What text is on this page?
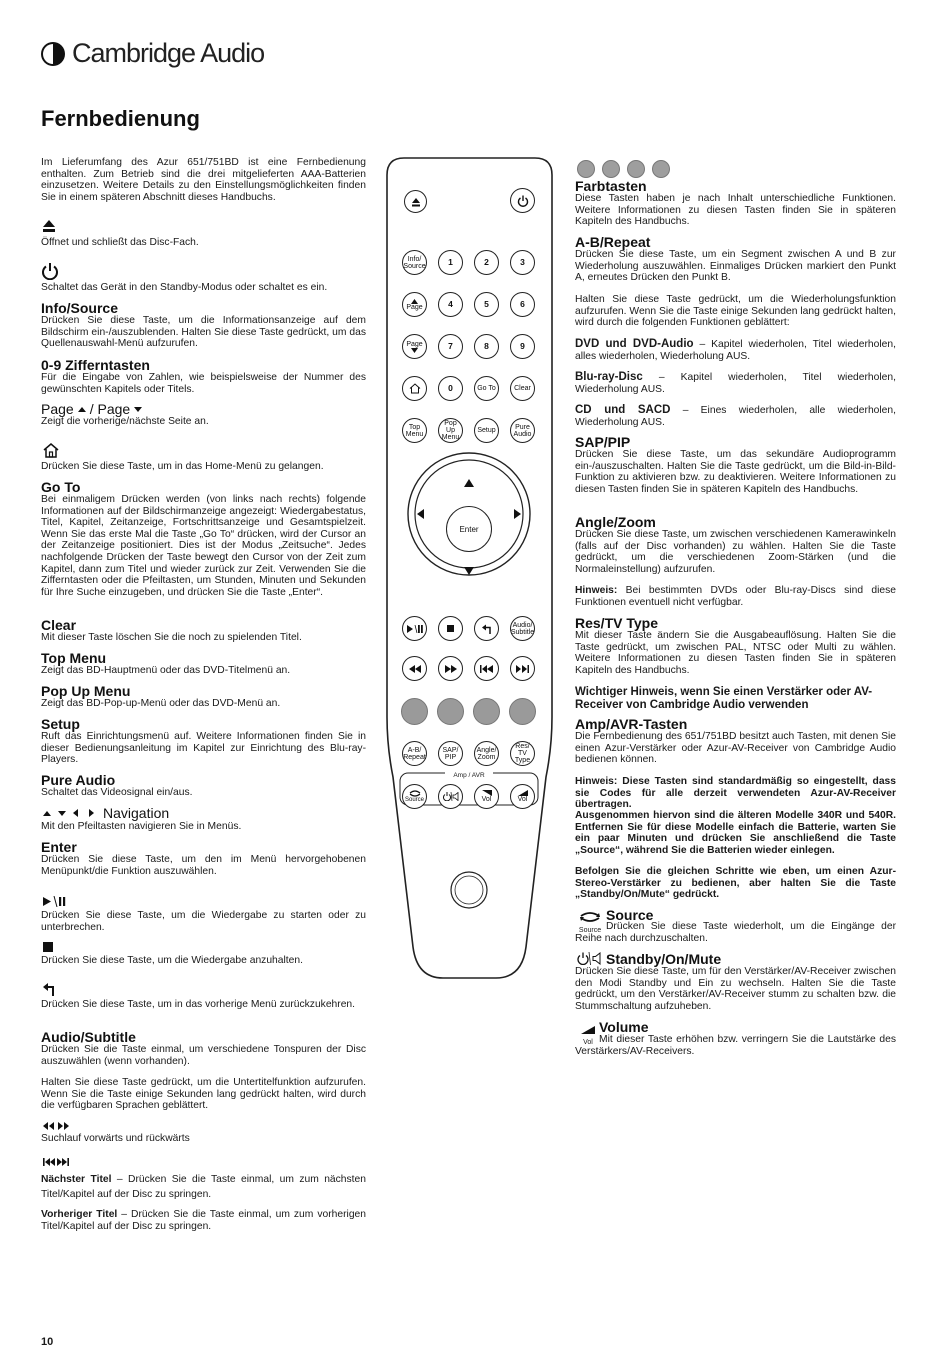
Cambridge Audio
Fernbedienung

Im Lieferumfang des Azur 651/751BD ist eine Fernbedienung enthalten. Zum Betrieb sind die drei mitgelieferten AAA-Batterien einzusetzen. Weitere Details zu den Einstellungsmöglichkeiten finden Sie in einem späteren Abschnitt dieses Handbuchs.

Öffnet und schließt das Disc-Fach.

Schaltet das Gerät in den Standby-Modus oder schaltet es ein.

Info/Source

Drücken Sie diese Taste, um die Informationsanzeige auf dem Bildschirm ein-/auszublenden. Halten Sie diese Taste gedrückt, um das Quellenauswahl-Menü aufzurufen.

0-9 Zifferntasten

Für die Eingabe von Zahlen, wie beispielsweise der Nummer des gewünschten Kapitels oder Titels.

Page / Page

Zeigt die vorherige/nächste Seite an.

Drücken Sie diese Taste, um in das Home-Menü zu gelangen.

Go To

Bei einmaligem Drücken werden (von links nach rechts) folgende Informationen auf der Bildschirmanzeige angezeigt: Wiedergabestatus, Titel, Kapitel, Zeitanzeige, Fortschrittsanzeige und Gesamtspielzeit. Wenn Sie das erste Mal die Taste „Go To“ drücken, wird der Cursor an der Zeitanzeige positioniert. Dies ist der Modus „Zeitsuche“. Jedes nachfolgende Drücken der Taste bewegt den Cursor von der Zeit zum Kapitel, dann zum Titel und wieder zurück zur Zeit. Verwenden Sie die Zifferntasten oder die Pfeiltasten, um Stunden, Minuten und Sekunden für Ihre Suche einzugeben, und drücken Sie die Taste „Enter“.

Clear

Mit dieser Taste löschen Sie die noch zu spielenden Titel.

Top Menu

Zeigt das BD-Hauptmenü oder das DVD-Titelmenü an.

Pop Up Menu

Zeigt das BD-Pop-up-Menü oder das DVD-Menü an.

Setup

Ruft das Einrichtungsmenü auf. Weitere Informationen finden Sie in dieser Bedienungsanleitung im Kapitel zur Einrichtung des Blu-ray-Players.

Pure Audio

Schaltet das Videosignal ein/aus.

Navigation

Mit den Pfeiltasten navigieren Sie in Menüs.

Enter

Drücken Sie diese Taste, um den im Menü hervorgehobenen Menüpunkt/die Funktion auszuwählen.

Drücken Sie diese Taste, um die Wiedergabe zu starten oder zu unterbrechen.

Drücken Sie diese Taste, um die Wiedergabe anzuhalten.

Drücken Sie diese Taste, um in das vorherige Menü zurückzukehren.

Audio/Subtitle

Drücken Sie die Taste einmal, um verschiedene Tonspuren der Disc auszuwählen (wenn vorhanden).

Halten Sie diese Taste gedrückt, um die Untertitelfunktion aufzurufen. Wenn Sie die Taste einige Sekunden lang gedrückt halten, wird durch die verfügbaren Sprachen geblättert.

Suchlauf vorwärts und rückwärts

Nächster Titel – Drücken Sie die Taste einmal, um zum nächsten Titel/Kapitel auf der Disc zu springen.

Vorheriger Titel – Drücken Sie die Taste einmal, um zum vorherigen Titel/Kapitel auf der Disc zu springen.

Info/ Source	1	2	3
Page	4	5	6
Page	7	8	9
0	Go To	Clear
Top Menu
Pop Up Menu
Setup	Pure Audio
Enter
Audio/ Subtitle
A-B/ Repeat
SAP/ PIP
Angle/ Zoom
Res/ TV Type
Amp / AVR
Source	Vol	Vol
Farbtasten

Diese Tasten haben je nach Inhalt unterschiedliche Funktionen. Weitere Informationen zu diesen Tasten finden Sie in späteren Kapiteln des Handbuchs.

A-B/Repeat

Drücken Sie diese Taste, um ein Segment zwischen A und B zur Wiederholung auszuwählen. Einmaliges Drücken markiert den Punkt A, erneutes Drücken den Punkt B.

Halten Sie diese Taste gedrückt, um die Wiederholungsfunktion aufzurufen. Wenn Sie die Taste einige Sekunden lang gedrückt halten, wird durch die folgenden Funktionen geblättert:

DVD und DVD-Audio – Kapitel wiederholen, Titel wiederholen, alles wiederholen, Wiederholung AUS.

Blu-ray-Disc – Kapitel wiederholen, Titel wiederholen, Wiederholung AUS.

CD und SACD – Eines wiederholen, alle wiederholen, Wiederholung AUS.

SAP/PIP

Drücken Sie diese Taste, um das sekundäre Audioprogramm ein-/auszuschalten. Halten Sie die Taste gedrückt, um die Bild-in-Bild-Funktion zu aktivieren bzw. zu deaktivieren. Weitere Informationen zu diesen Tasten finden Sie in späteren Kapiteln des Handbuchs.

Angle/Zoom

Drücken Sie diese Taste, um zwischen verschiedenen Kamerawinkeln (falls auf der Disc vorhanden) zu wählen. Halten Sie die Taste gedrückt, um die verschiedenen Zoom-Stärken (und die Normaleinstellung) aufzurufen.

Hinweis: Bei bestimmten DVDs oder Blu-ray-Discs sind diese Funktionen eventuell nicht verfügbar.

Res/TV Type

Mit dieser Taste ändern Sie die Ausgabeauflösung. Halten Sie die Taste gedrückt, um zwischen PAL, NTSC oder Multi zu wählen. Weitere Informationen zu diesen Tasten finden Sie in späteren Kapiteln des Handbuchs.

Wichtiger Hinweis, wenn Sie einen Verstärker oder AV-Receiver von Cambridge Audio verwenden

Amp/AVR-Tasten

Die Fernbedienung des 651/751BD besitzt auch Tasten, mit denen Sie einen Azur-Verstärker oder Azur-AV-Receiver von Cambridge Audio bedienen können.

Hinweis: Diese Tasten sind standardmäßig so eingestellt, dass sie Codes für alle derzeit verwendeten Azur-AV-Receiver übertragen.

Ausgenommen hiervon sind die älteren Modelle 340R und 540R. Entfernen Sie für diese Modelle einfach die Batterie, warten Sie ein paar Minuten und drücken Sie anschließend die Taste „Source“, während Sie die Batterien wieder einlegen.

Befolgen Sie die gleichen Schritte wie eben, um einen Azur-Stereo-Verstärker zu bedienen, aber halten Sie die Taste „Standby/On/Mute“ gedrückt.

Source
Source

Drücken Sie diese Taste wiederholt, um die Eingänge der Reihe nach durchzuschalten.

Standby/On/Mute

Drücken Sie diese Taste, um für den Verstärker/AV-Receiver zwischen den Modi Standby und Ein zu wechseln. Halten Sie die Taste gedrückt, um den Verstärker/AV-Receiver stumm zu schalten bzw. die Stummschaltung aufzuheben.

Vol
Volume

Mit dieser Taste erhöhen bzw. verringern Sie die Lautstärke des Verstärkers/AV-Receivers.

10
